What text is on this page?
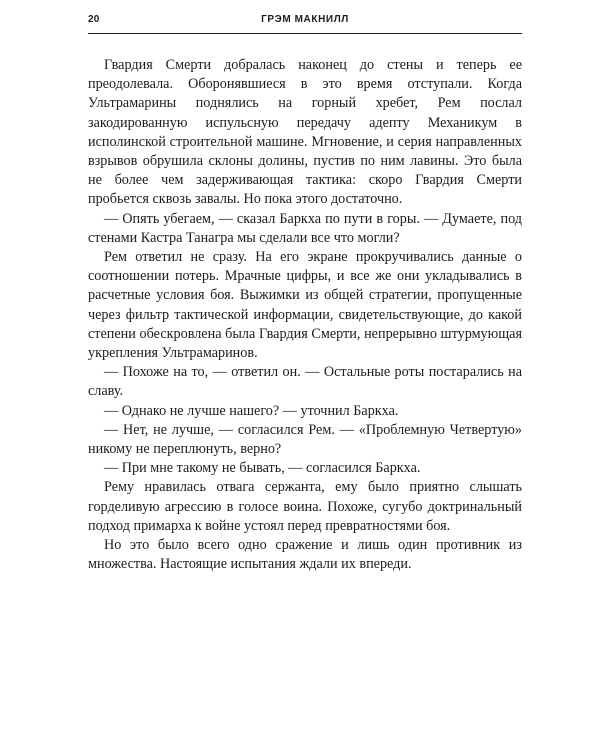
20	ГРЭМ МАКНИЛЛ

Гвардия Смерти добралась наконец до стены и теперь ее преодолевала. Оборонявшиеся в это время отступали. Когда Ультрамарины поднялись на горный хребет, Рем послал закодированную испульсную передачу адепту Механикум в исполинской строительной машине. Мгновение, и серия направленных взрывов обрушила склоны долины, пустив по ним лавины. Это была не более чем задерживающая тактика: скоро Гвардия Смерти пробьется сквозь завалы. Но пока этого достаточно.

— Опять убегаем, — сказал Баркха по пути в горы. — Думаете, под стенами Кастра Танагра мы сделали все что могли?

Рем ответил не сразу. На его экране прокручивались данные о соотношении потерь. Мрачные цифры, и все же они укладывались в расчетные условия боя. Выжимки из общей стратегии, пропущенные через фильтр тактической информации, свидетельствующие, до какой степени обескровлена была Гвардия Смерти, непрерывно штурмующая укрепления Ультрамаринов.

— Похоже на то, — ответил он. — Остальные роты постарались на славу.

— Однако не лучше нашего? — уточнил Баркха.

— Нет, не лучше, — согласился Рем. — «Проблемную Четвертую» никому не переплюнуть, верно?

— При мне такому не бывать, — согласился Баркха.

Рему нравилась отвага сержанта, ему было приятно слышать горделивую агрессию в голосе воина. Похоже, сугубо доктринальный подход примарха к войне устоял перед превратностями боя.

Но это было всего одно сражение и лишь один противник из множества. Настоящие испытания ждали их впереди.
